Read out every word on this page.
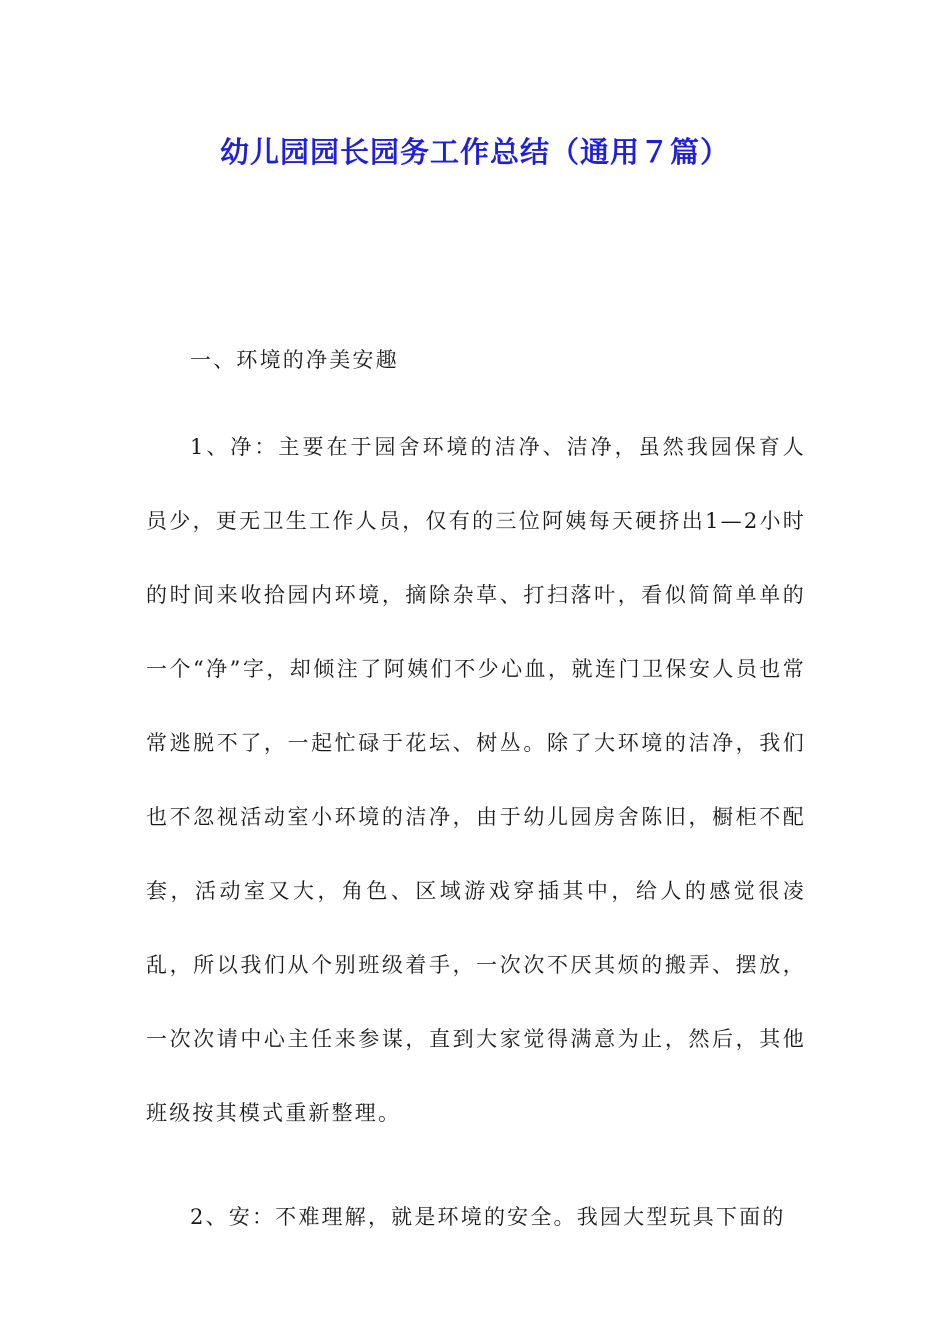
幼儿园园长园务工作总结（通用７篇）

一、环境的净美安趣

1、净：主要在于园舍环境的洁净、洁净，虽然我园保育人员少，更无卫生工作人员，仅有的三位阿姨每天硬挤出1—2小时的时间来收拾园内环境，摘除杂草、打扫落叶，看似简简单单的一个“净”字，却倾注了阿姨们不少心血，就连门卫保安人员也常常逃脱不了，一起忙碌于花坛、树丛。除了大环境的洁净，我们也不忽视活动室小环境的洁净，由于幼儿园房舍陈旧，橱柜不配套，活动室又大，角色、区域游戏穿插其中，给人的感觉很凌乱，所以我们从个别班级着手，一次次不厌其烦的搬弄、摆放，一次次请中心主任来参谋，直到大家觉得满意为止，然后，其他班级按其模式重新整理。

2、安：不难理解，就是环境的安全。我园大型玩具下面的
